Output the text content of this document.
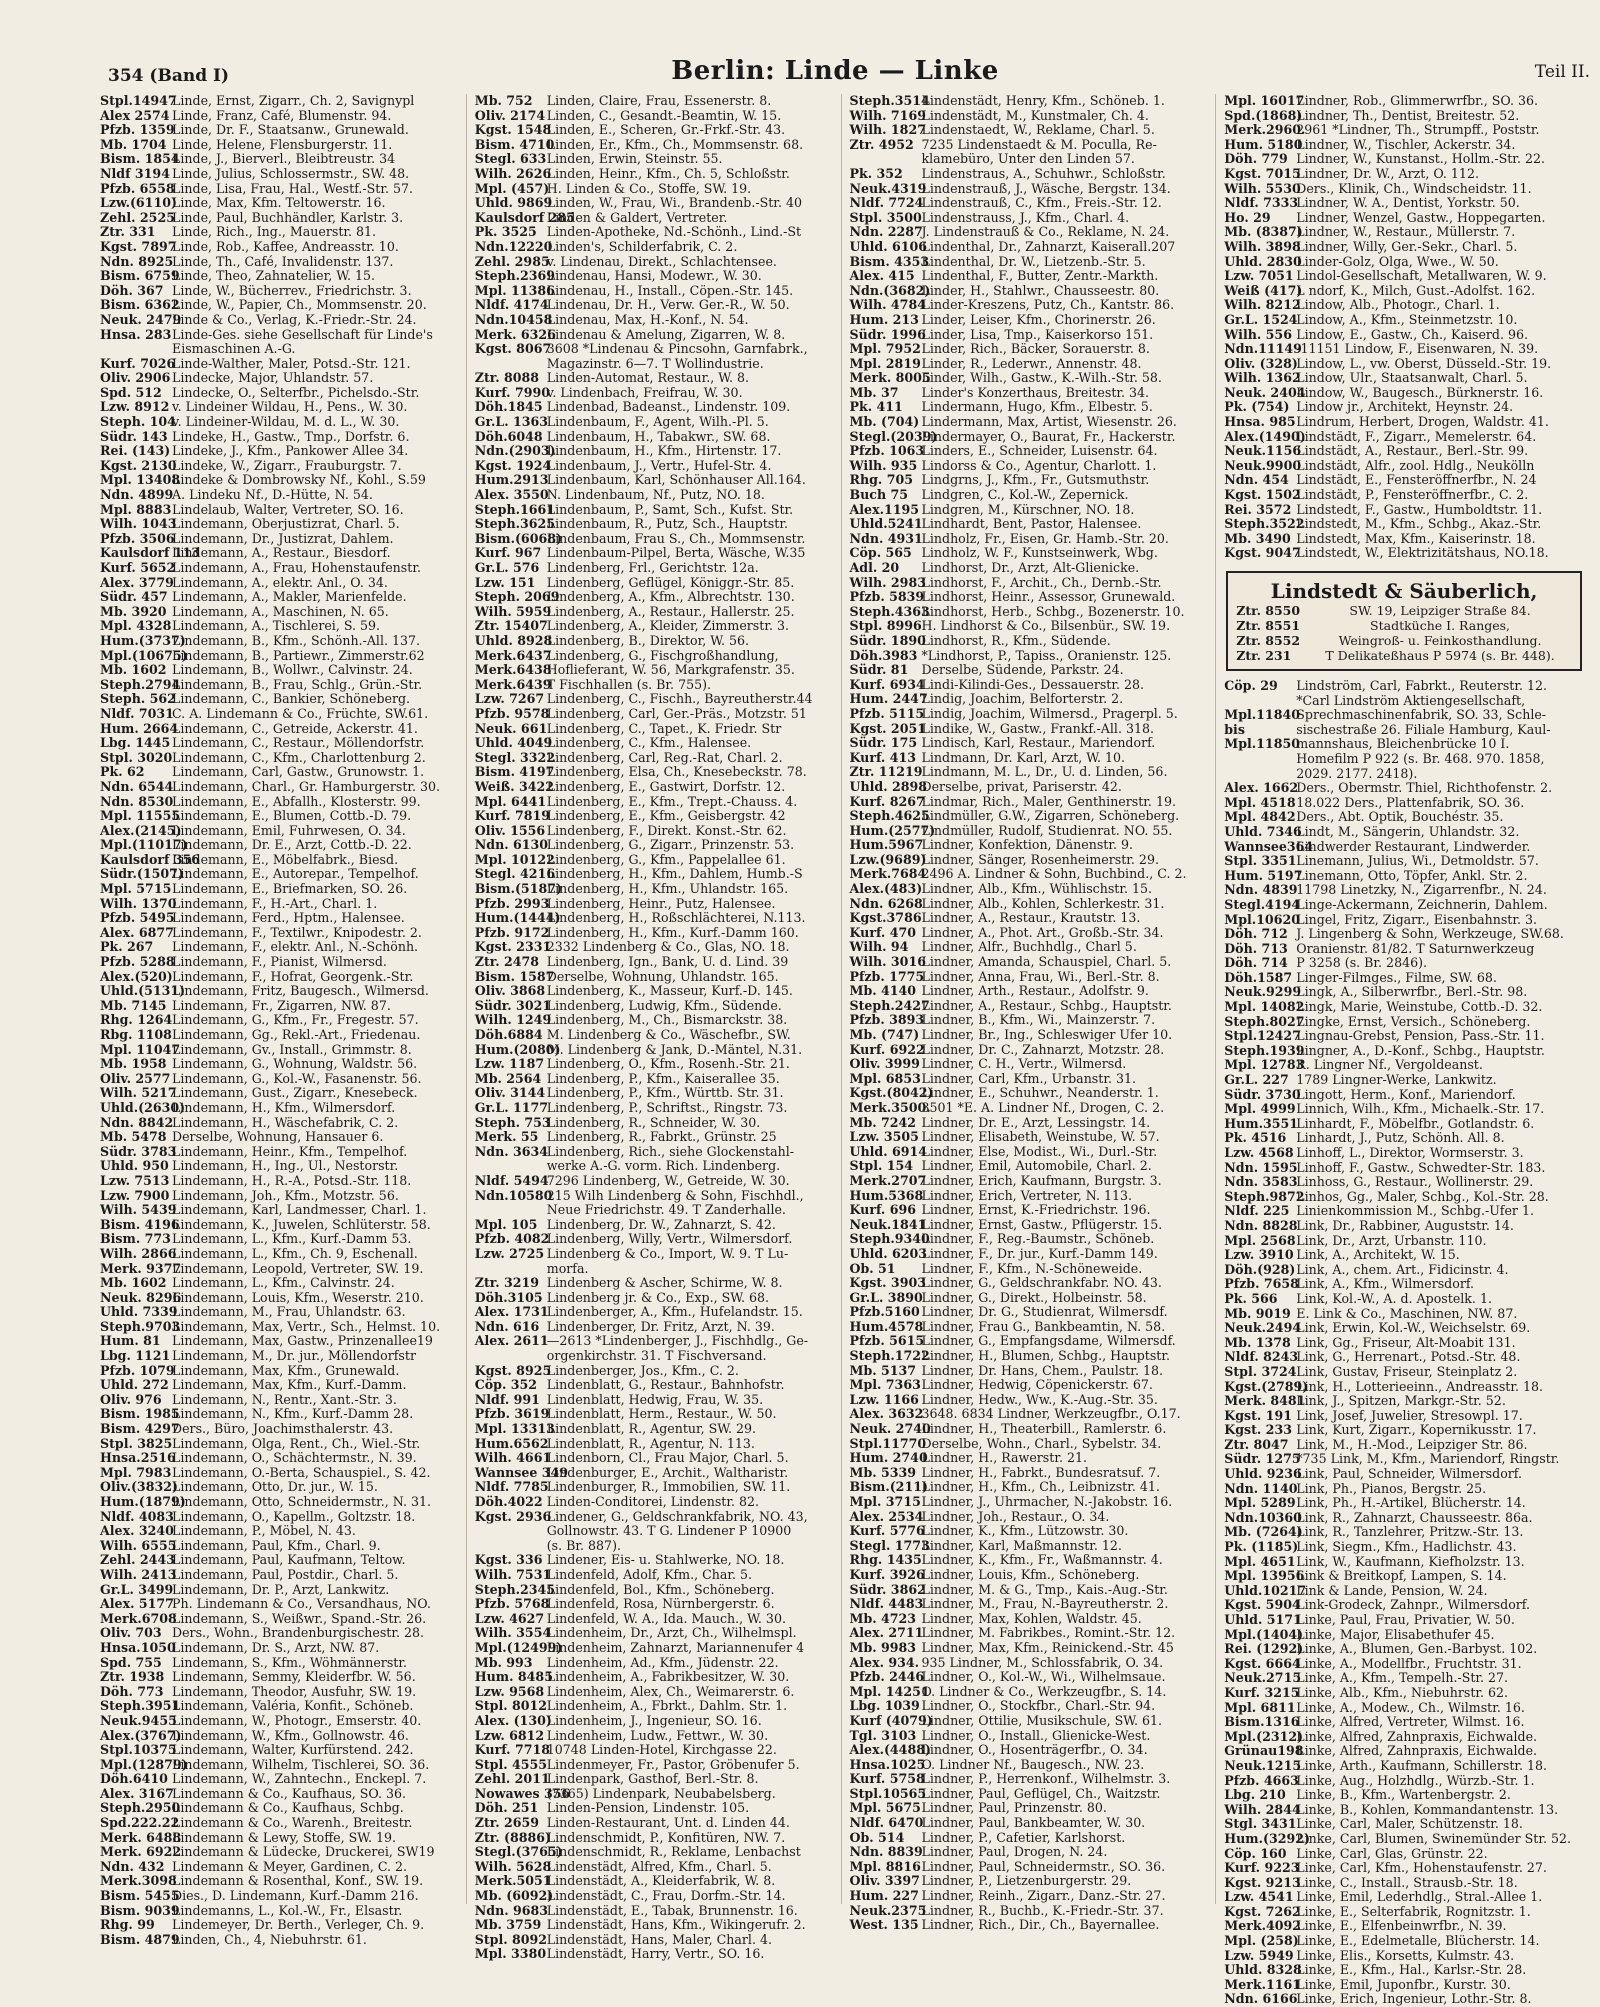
354 (Band I)	Berlin: Linde — Linke	Teil II.
Stpl.14947Linde, Ernst, Zigarr., Ch. 2, Savignypl
Alex 2574 Linde, Franz, Café, Blumenstr. 94.
Pfzb. 1359Linde, Dr. F., Staatsanw., Grunewald.
Mb. 1704 Linde, Helene, Flensburgerstr. 11.
Bism. 1854Linde, J., Bierverl., Bleibtreustr. 34
Nldf 3194 Linde, Julius, Schlossermstr., SW. 48.
Pfzb. 6558Linde, Lisa, Frau, Hal., Westf.-Str. 57.
Lzw.(6110)Linde, Max, Kfm. Teltowerstr. 16.
Zehl. 2525Linde, Paul, Buchhändler, Karlstr. 3.
Ztr. 331 Linde, Rich., Ing., Mauerstr. 81.
Kgst. 7897Linde, Rob., Kaffee, Andreasstr. 10.
Ndn. 8925Linde, Th., Café, Invalidenstr. 137.
Bism. 6759Linde, Theo, Zahnatelier, W. 15.
Döh. 367 Linde, W., Bücherrev., Friedrichstr. 3.
Bism. 6362Linde, W., Papier, Ch., Mommsenstr. 20.
Neuk. 2479Linde & Co., Verlag, K.-Friedr.-Str. 24.
Hnsa. 283Linde-Ges. siehe Gesellschaft für Linde's
Eismaschinen A.-G.
Kurf. 7026Linde-Walther, Maler, Potsd.-Str. 121.
Oliv. 2906 Lindecke, Major, Uhlandstr. 57.
Spd. 512 Lindecke, O., Selterfbr., Pichelsdo.-Str.
Lzw. 8912 v. Lindeiner Wildau, H., Pens., W. 30.
Steph. 104v. Lindeiner-Wildau, M. d. L., W. 30.
Südr. 143 Lindeke, H., Gastw., Tmp., Dorfstr. 6.
Rei. (143) Lindeke, J., Kfm., Pankower Allee 34.
Kgst. 2130Lindeke, W., Zigarr., Frauburgstr. 7.
Mpl. 13408Lindeke & Dombrowsky Nf., Kohl., S.59
Ndn. 4899A. Lindeku Nf., D.-Hütte, N. 54.
Mpl. 8883Lindelaub, Walter, Vertreter, SO. 16.
Wilh. 1043Lindemann, Oberjustizrat, Charl. 5.
Pfzb. 3506Lindemann, Dr., Justizrat, Dahlem.
Kaulsdorf 113Lindemann, A., Restaur., Biesdorf.
Kurf. 5652Lindemann, A., Frau, Hohenstaufenstr.
Alex. 3779Lindemann, A., elektr. Anl., O. 34.
Südr. 457 Lindemann, A., Makler, Marienfelde.
Mb. 3920 Lindemann, A., Maschinen, N. 65.
Mpl. 4328Lindemann, A., Tischlerei, S. 59.
Hum.(3737)Lindemann, B., Kfm., Schönh.-All. 137.
Mpl.(10675)Lindemann, B., Partiewr., Zimmerstr.62
Mb. 1602 Lindemann, B., Wollwr., Calvinstr. 24.
Steph.2794Lindemann, B., Frau, Schlg., Grün.-Str.
Steph. 562Lindemann, C., Bankier, Schöneberg.
Nldf. 7031C. A. Lindemann & Co., Früchte, SW.61.
Hum. 2664Lindemann, C., Getreide, Ackerstr. 41.
Lbg. 1445 Lindemann, C., Restaur., Möllendorfstr.
Stpl. 3020Lindemann, C., Kfm., Charlottenburg 2.
Pk. 62 Lindemann, Carl, Gastw., Grunowstr. 1.
Ndn. 6544Lindemann, Charl., Gr. Hamburgerstr. 30.
Ndn. 8530Lindemann, E., Abfallh., Klosterstr. 99.
Mpl. 11555Lindemann, E., Blumen, Cottb.-D. 79.
Alex.(2145)Lindemann, Emil, Fuhrwesen, O. 34.
Mpl.(11017)Lindemann, Dr. E., Arzt, Cottb.-D. 22.
Kaulsdorf 356Lindemann, E., Möbelfabrk., Biesd.
Südr.(1507)Lindemann, E., Autorepar., Tempelhof.
Mpl. 5715Lindemann, E., Briefmarken, SO. 26.
Wilh. 1370Lindemann, F., H.-Art., Charl. 1.
Pfzb. 5495Lindemann, Ferd., Hptm., Halensee.
Alex. 6877Lindemann, F., Textilwr., Knipodestr. 2.
Pk. 267 Lindemann, F., elektr. Anl., N.-Schönh.
Pfzb. 5288Lindemann, F., Pianist, Wilmersd.
Alex.(520)Lindemann, F., Hofrat, Georgenk.-Str.
Uhld.(5131)Lindemann, Fritz, Baugesch., Wilmersd.
Mb. 7145 Lindemann, Fr., Zigarren, NW. 87.
Rhg. 1264Lindemann, G., Kfm., Fr., Fregestr. 57.
Rbg. 1108Lindemann, Gg., Rekl.-Art., Friedenau.
Mpl. 11047Lindemann, Gv., Install., Grimmstr. 8.
Mb. 1958 Lindemann, G., Wohnung, Waldstr. 56.
Oliv. 2577 Lindemann, G., Kol.-W., Fasanenstr. 56.
Wilh. 5217Lindemann, Gust., Zigarr., Knesebeck.
Uhld.(2630)Lindemann, H., Kfm., Wilmersdorf.
Ndn. 8842Lindemann, H., Wäschefabrik, C. 2.
Mb. 5478 Derselbe, Wohnung, Hansauer 6.
Südr. 3783Lindemann, Heinr., Kfm., Tempelhof.
Uhld. 950 Lindemann, H., Ing., Ul., Nestorstr.
Lzw. 7513 Lindemann, H., R.-A., Potsd.-Str. 118.
Lzw. 7900 Lindemann, Joh., Kfm., Motzstr. 56.
Wilh. 5439Lindemann, Karl, Landmesser, Charl. 1.
Bism. 4196Lindemann, K., Juwelen, Schlüterstr. 58.
Bism. 773Lindemann, L., Kfm., Kurf.-Damm 53.
Wilh. 2866Lindemann, L., Kfm., Ch. 9, Eschenall.
Merk. 9377Lindemann, Leopold, Vertreter, SW. 19.
Mb. 1602 Lindemann, L., Kfm., Calvinstr. 24.
Neuk. 8296Lindemann, Louis, Kfm., Weserstr. 210.
Uhld. 7339Lindemann, M., Frau, Uhlandstr. 63.
Steph.9703Lindemann, Max, Vertr., Sch., Helmst. 10.
Hum. 81 Lindemann, Max, Gastw., Prinzenallee19
Lbg. 1121 Lindemann, M., Dr. jur., Möllendorfstr
Pfzb. 1079Lindemann, Max, Kfm., Grunewald.
Uhld. 272 Lindemann, Max, Kfm., Kurf.-Damm.
Oliv. 976 Lindemann, N., Rentr., Xant.-Str. 3.
Bism. 1985Lindemann, N., Kfm., Kurf.-Damm 28.
Bism. 4297Ders., Büro, Joachimsthalerstr. 43.
Stpl. 3825Lindemann, Olga, Rent., Ch., Wiel.-Str.
Hnsa.2516Lindemann, O., Schächtermstr., N. 39.
Mpl. 7983Lindemann, O.-Berta, Schauspiel., S. 42.
Oliv.(3832)Lindemann, Otto, Dr. jur., W. 15.
Hum.(1879)Lindemann, Otto, Schneidermstr., N. 31.
Nldf. 4083Lindemann, O., Kapellm., Goltzstr. 18.
Alex. 3240Lindemann, P., Möbel, N. 43.
Wilh. 6555Lindemann, Paul, Kfm., Charl. 9.
Zehl. 2443Lindemann, Paul, Kaufmann, Teltow.
Wilh. 2413Lindemann, Paul, Postdir., Charl. 5.
Gr.L. 3499Lindemann, Dr. P., Arzt, Lankwitz.
Alex. 5177Ph. Lindemann & Co., Versandhaus, NO.
Merk.6708Lindemann, S., Weißwr., Spand.-Str. 26.
Oliv. 703 Ders., Wohn., Brandenburgischestr. 28.
Hnsa.1050Lindemann, Dr. S., Arzt, NW. 87.
Spd. 755 Lindemann, S., Kfm., Wöhmännerstr.
Ztr. 1938 Lindemann, Semmy, Kleiderfbr. W. 56.
Döh. 773 Lindemann, Theodor, Ausfuhr, SW. 19.
Steph.3951Lindemann, Valéria, Konfit., Schöneb.
Neuk.9455Lindemann, W., Photogr., Emserstr. 40.
Alex.(3767)Lindemann, W., Kfm., Gollnowstr. 46.
Stpl.10375Lindemann, Walter, Kurfürstend. 242.
Mpl.(12879)Lindemann, Wilhelm, Tischlerei, SO. 36.
Döh.6410 Lindemann, W., Zahntechn., Enckepl. 7.
Alex. 3167Lindemann & Co., Kaufhaus, SO. 36.
Steph.2950Lindemann & Co., Kaufhaus, Schbg.
Spd.222.22Lindemann & Co., Warenh., Breitestr.
Merk. 6488Lindemann & Lewy, Stoffe, SW. 19.
Merk. 6922Lindemann & Lüdecke, Druckerei, SW19
Ndn. 432 Lindemann & Meyer, Gardinen, C. 2.
Merk.3098Lindemann & Rosenthal, Konf., SW. 19.
Bism. 5455Dies., D. Lindemann, Kurf.-Damm 216.
Bism. 9039Lindemanns, L., Kol.-W., Fr., Elsastr.
Rhg. 99 Lindemeyer, Dr. Berth., Verleger, Ch. 9.
Bism. 4879Linden, Ch., 4, Niebuhrstr. 61.
Mb. 752 Linden, Claire, Frau, Essenerstr. 8.
Oliv. 2174 Linden, C., Gesandt.-Beamtin, W. 15.
Kgst. 1548Linden, E., Scheren, Gr.-Frkf.-Str. 43.
Bism. 4710Linden, Er., Kfm., Ch., Mommsenstr. 68.
Stegl. 633Linden, Erwin, Steinstr. 55.
Wilh. 2626Linden, Heinr., Kfm., Ch. 5, Schloßstr.
Mpl. (457)H. Linden & Co., Stoffe, SW. 19.
Uhld. 9869Linden, W., Frau, Wi., Brandenb.-Str. 40
Kaulsdorf 285Linden & Galdert, Vertreter.
Pk. 3525 Linden-Apotheke, Nd.-Schönh., Lind.-St
Ndn.12220Linden's, Schilderfabrik, C. 2.
Zehl. 2985v. Lindenau, Direkt., Schlachtensee.
Steph.2369Lindenau, Hansi, Modewr., W. 30.
Mpl. 11386Lindenau, H., Install., Cöpen.-Str. 145.
Nldf. 4174Lindenau, Dr. H., Verw. Ger.-R., W. 50.
Ndn.10458Lindenau, Max, H.-Konf., N. 54.
Merk. 6326Lindenau & Amelung, Zigarren, W. 8.
Kgst. 80673608 *Lindenau & Pincsohn, Garnfabrk.,
Magazinstr. 6—7. T Wollindustrie.
Ztr. 8088 Linden-Automat, Restaur., W. 8.
Kurf. 7990v. Lindenbach, Freifrau, W. 30.
Döh.1845 Lindenbad, Badeanst., Lindenstr. 109.
Gr.L. 1363Lindenbaum, F., Agent, Wilh.-Pl. 5.
Döh.6048 Lindenbaum, H., Tabakwr., SW. 68.
Ndn.(2903)Lindenbaum, H., Kfm., Hirtenstr. 17.
Kgst. 1924Lindenbaum, J., Vertr., Hufel-Str. 4.
Hum.2913Lindenbaum, Karl, Schönhauser All.164.
Alex. 3550N. Lindenbaum, Nf., Putz, NO. 18.
Steph.1661Lindenbaum, P., Samt, Sch., Kufst. Str.
Steph.3625Lindenbaum, R., Putz, Sch., Hauptstr.
Bism.(6068)Lindenbaum, Frau S., Ch., Mommsenstr.
Kurf. 967 Lindenbaum-Pilpel, Berta, Wäsche, W.35
Gr.L. 576 Lindenberg, Frl., Gerichtstr. 12a.
Lzw. 151 Lindenberg, Geflügel, Königgr.-Str. 85.
Steph. 2069Lindenberg, A., Kfm., Albrechtstr. 130.
Wilh. 5959Lindenberg, A., Restaur., Hallerstr. 25.
Ztr. 15407Lindenberg, A., Kleider, Zimmerstr. 3.
Uhld. 8928Lindenberg, B., Direktor, W. 56.
Merk.6437Lindenberg, G., Fischgroßhandlung,
Merk.6438Hoflieferant, W. 56, Markgrafenstr. 35.
Merk.6439T Fischhallen (s. Br. 755).
Lzw. 7267 Lindenberg, C., Fischh., Bayreutherstr.44
Pfzb. 9578Lindenberg, Carl, Ger.-Präs., Motzstr. 51
Neuk. 661Lindenberg, C., Tapet., K. Friedr. Str
Uhld. 4049Lindenberg, C., Kfm., Halensee.
Stegl. 3322Lindenberg, Carl, Reg.-Rat, Charl. 2.
Bism. 4197Lindenberg, Elsa, Ch., Knesebeckstr. 78.
Weiß. 3422Lindenberg, E., Gastwirt, Dorfstr. 12.
Mpl. 6441Lindenberg, E., Kfm., Trept.-Chauss. 4.
Kurf. 7819Lindenberg, E., Kfm., Geisbergstr. 42
Oliv. 1556 Lindenberg, F., Direkt. Konst.-Str. 62.
Ndn. 6130Lindenberg, G., Zigarr., Prinzenstr. 53.
Mpl. 10122Lindenberg, G., Kfm., Pappelallee 61.
Stegl. 4216Lindenberg, H., Kfm., Dahlem, Humb.-S
Bism.(5187)Lindenberg, H., Kfm., Uhlandstr. 165.
Pfzb. 2993Lindenberg, Heinr., Putz, Halensee.
Hum.(1444)Lindenberg, H., Roßschlächterei, N.113.
Pfzb. 9172Lindenberg, H., Kfm., Kurf.-Damm 160.
Kgst. 23312332 Lindenberg & Co., Glas, NO. 18.
Ztr. 2478 Lindenberg, Ign., Bank, U. d. Lind. 39
Bism. 1587Derselbe, Wohnung, Uhlandstr. 165.
Oliv. 3868 Lindenberg, K., Masseur, Kurf.-D. 145.
Südr. 3021Lindenberg, Ludwig, Kfm., Südende.
Wilh. 1249Lindenberg, M., Ch., Bismarckstr. 38.
Döh.6884 M. Lindenberg & Co., Wäschefbr., SW.
Hum.(2080)M. Lindenberg & Jank, D.-Mäntel, N.31.
Lzw. 1187 Lindenberg, O., Kfm., Rosenh.-Str. 21.
Mb. 2564 Lindenberg, P., Kfm., Kaiserallee 35.
Oliv. 3144 Lindenberg, P., Kfm., Württb. Str. 31.
Gr.L. 1177Lindenberg, P., Schriftst., Ringstr. 73.
Steph. 753Lindenberg, R., Schneider, W. 30.
Merk. 55 Lindenberg, R., Fabrkt., Grünstr. 25
Ndn. 3634Lindenberg, Rich., siehe Glockenstahl-
werke A.-G. vorm. Rich. Lindenberg.
Nldf. 54947296 Lindenberg, W., Getreide, W. 30.
Ndn.10580215 Wilh Lindenberg & Sohn, Fischhdl.,
Neue Friedrichstr. 49. T Zanderhalle.
Mpl. 105 Lindenberg, Dr. W., Zahnarzt, S. 42.
Pfzb. 4082Lindenberg, Willy, Vertr., Wilmersdorf.
Lzw. 2725 Lindenberg & Co., Import, W. 9. T Lu-
morfa.
Ztr. 3219 Lindenberg & Ascher, Schirme, W. 8.
Döh.3105 Lindenberg jr. & Co., Exp., SW. 68.
Alex. 1731Lindenberger, A., Kfm., Hufelandstr. 15.
Ndn. 616 Lindenberger, Dr. Fritz, Arzt, N. 39.
Alex. 2611—2613 *Lindenberger, J., Fischhdlg., Ge-
orgenkirchstr. 31. T Fischversand.
Kgst. 8925Lindenberger, Jos., Kfm., C. 2.
Cöp. 352 Lindenblatt, G., Restaur., Bahnhofstr.
Nldf. 991 Lindenblatt, Hedwig, Frau, W. 35.
Pfzb. 3619Lindenblatt, Herm., Restaur., W. 50.
Mpl. 13313Lindenblatt, R., Agentur, SW. 29.
Hum.6562Lindenblatt, R., Agentur, N. 113.
Wilh. 4661Lindenborn, Cl., Frau Major, Charl. 5.
Wannsee 349Lindenburger, E., Archit., Waltharistr.
Nldf. 7785Lindenburger, R., Immobilien, SW. 11.
Döh.4022 Linden-Conditorei, Lindenstr. 82.
Kgst. 2936Lindener, G., Geldschrankfabrik, NO. 43,
Gollnowstr. 43. T G. Lindener P 10900
(s. Br. 887).
Kgst. 336 Lindener, Eis- u. Stahlwerke, NO. 18.
Wilh. 7531Lindenfeld, Adolf, Kfm., Char. 5.
Steph.2345Lindenfeld, Bol., Kfm., Schöneberg.
Pfzb. 5768Lindenfeld, Rosa, Nürnbergerstr. 6.
Lzw. 4627 Lindenfeld, W. A., Ida. Mauch., W. 30.
Wilh. 3554Lindenheim, Dr., Arzt, Ch., Wilhelmspl.
Mpl.(12499)Lindenheim, Zahnarzt, Mariannenufer 4
Mb. 993 Lindenheim, Ad., Kfm., Jüdenstr. 22.
Hum. 8485Lindenheim, A., Fabrikbesitzer, W. 30.
Lzw. 9568 Lindenheim, Alex, Ch., Weimarerstr. 6.
Stpl. 8012Lindenheim, A., Fbrkt., Dahlm. Str. 1.
Alex. (130)Lindenheim, J., Ingenieur, SO. 16.
Lzw. 6812 Lindenheim, Ludw., Fettwr., W. 30.
Kurf. 771810748 Linden-Hotel, Kirchgasse 22.
Stpl. 4555Lindenmeyer, Fr., Pastor, Gröbenufer 5.
Zehl. 2011Lindenpark, Gasthof, Berl.-Str. 8.
Nowawes 356(7365) Lindenpark, Neubabelsberg.
Döh. 251 Linden-Pension, Lindenstr. 105.
Ztr. 2659 Linden-Restaurant, Unt. d. Linden 44.
Ztr. (8886)Lindenschmidt, P., Konfitüren, NW. 7.
Stegl.(3765)Lindenschmidt, R., Reklame, Lenbachst
Wilh. 5628Lindenstädt, Alfred, Kfm., Charl. 5.
Merk.5051Lindenstädt, A., Kleiderfabrik, W. 8.
Mb. (6092)Lindenstädt, C., Frau, Dorfm.-Str. 14.
Ndn. 9683Lindenstädt, E., Tabak, Brunnenstr. 16.
Mb. 3759 Lindenstädt, Hans, Kfm., Wikingerufr. 2.
Stpl. 8092Lindenstädt, Hans, Maler, Charl. 4.
Mpl. 3380Lindenstädt, Harry, Vertr., SO. 16.
Steph.3514Lindenstädt, Henry, Kfm., Schöneb. 1.
Wilh. 7169Lindenstädt, M., Kunstmaler, Ch. 4.
Wilh. 1827Lindenstaedt, W., Reklame, Charl. 5.
Ztr. 4952 7235 Lindenstaedt & M. Poculla, Re-
klamebüro, Unter den Linden 57.
Pk. 352 Lindenstraus, A., Schuhwr., Schloßstr.
Neuk.4319Lindenstrauß, J., Wäsche, Bergstr. 134.
Nldf. 7724Lindenstrauß, C., Kfm., Freis.-Str. 12.
Stpl. 3500Lindenstrauss, J., Kfm., Charl. 4.
Ndn. 2287J. Lindenstrauß & Co., Reklame, N. 24.
Uhld. 6106Lindenthal, Dr., Zahnarzt, Kaiserall.207
Bism. 4353Lindenthal, Dr. W., Lietzenb.-Str. 5.
Alex. 415 Lindenthal, F., Butter, Zentr.-Markth.
Ndn.(3682)Linder, H., Stahlwr., Chausseestr. 80.
Wilh. 4784Linder-Kreszens, Putz, Ch., Kantstr. 86.
Hum. 213 Linder, Leiser, Kfm., Chorinerstr. 26.
Südr. 1996Linder, Lisa, Tmp., Kaiserkorso 151.
Mpl. 7952Linder, Rich., Bäcker, Sorauerstr. 8.
Mpl. 2819Linder, R., Lederwr., Annenstr. 48.
Merk. 8005Linder, Wilh., Gastw., K.-Wilh.-Str. 58.
Mb. 37 Linder's Konzerthaus, Breitestr. 34.
Pk. 411 Lindermann, Hugo, Kfm., Elbestr. 5.
Mb. (704) Lindermann, Max, Artist, Wiesenstr. 26.
Stegl.(2039)Lindermayer, O., Baurat, Fr., Hackerstr.
Pfzb. 1063Linders, E., Schneider, Luisenstr. 64.
Wilh. 935 Lindorss & Co., Agentur, Charlott. 1.
Rhg. 705 Lindgrns, J., Kfm., Fr., Gutsmuthstr.
Buch 75 Lindgren, C., Kol.-W., Zepernick.
Alex.1195 Lindgren, M., Kürschner, NO. 18.
Uhld.5241Lindhardt, Bent, Pastor, Halensee.
Ndn. 4931Lindholz, Fr., Eisen, Gr. Hamb.-Str. 20.
Cöp. 565 Lindholz, W. F., Kunstseinwerk, Wbg.
Adl. 20 Lindhorst, Dr., Arzt, Alt-Glienicke.
Wilh. 2983Lindhorst, F., Archit., Ch., Dernb.-Str.
Pfzb. 5839Lindhorst, Heinr., Assessor, Grunewald.
Steph.4363Lindhorst, Herb., Schbg., Bozenerstr. 10.
Stpl. 8996H. Lindhorst & Co., Bilsenbür., SW. 19.
Südr. 1890Lindhorst, R., Kfm., Südende.
Döh.3983 *Lindhorst, P., Tapiss., Oranienstr. 125.
Südr. 81 Derselbe, Südende, Parkstr. 24.
Kurf. 6934Lindi-Kilindi-Ges., Dessauerstr. 28.
Hum. 2447Lindig, Joachim, Belforterstr. 2.
Pfzb. 5115Lindig, Joachim, Wilmersd., Pragerpl. 5.
Kgst. 2051Lindike, W., Gastw., Frankf.-All. 318.
Südr. 175 Lindisch, Karl, Restaur., Mariendorf.
Kurf. 413 Lindmann, Dr. Karl, Arzt, W. 10.
Ztr. 11219Lindmann, M. L., Dr., U. d. Linden, 56.
Uhld. 2898Derselbe, privat, Pariserstr. 42.
Kurf. 8267Lindmar, Rich., Maler, Genthinerstr. 19.
Steph.4625Lindmüller, G.W., Zigarren, Schöneberg.
Hum.(2577)Lindmüller, Rudolf, Studienrat. NO. 55.
Hum.5967Lindner, Konfektion, Dänenstr. 9.
Lzw.(9689)Lindner, Sänger, Rosenheimerstr. 29.
Merk.76842496 A. Lindner & Sohn, Buchbind., C. 2.
Alex.(483)Lindner, Alb., Kfm., Wühlischstr. 15.
Ndn. 6268Lindner, Alb., Kohlen, Schlerkestr. 31.
Kgst.3786Lindner, A., Restaur., Krautstr. 13.
Kurf. 470 Lindner, A., Phot. Art., Großb.-Str. 34.
Wilh. 94 Lindner, Alfr., Buchhdlg., Charl 5.
Wilh. 3016Lindner, Amanda, Schauspiel, Charl. 5.
Pfzb. 1775Lindner, Anna, Frau, Wi., Berl.-Str. 8.
Mb. 4140 Lindner, Arth., Restaur., Adolfstr. 9.
Steph.2427Lindner, A., Restaur., Schbg., Hauptstr.
Pfzb. 3893Lindner, B., Kfm., Wi., Mainzerstr. 7.
Mb. (747) Lindner, Br., Ing., Schleswiger Ufer 10.
Kurf. 6922Lindner, Dr. C., Zahnarzt, Motzstr. 28.
Oliv. 3999 Lindner, C. H., Vertr., Wilmersd.
Mpl. 6853Lindner, Carl, Kfm., Urbanstr. 31.
Kgst.(8042)Lindner, E., Schuhwr., Neanderstr. 1.
Merk.3500.3501 *E. A. Lindner Nf., Drogen, C. 2.
Mb. 7242 Lindner, Dr. E., Arzt, Lessingstr. 14.
Lzw. 3505 Lindner, Elisabeth, Weinstube, W. 57.
Uhld. 6914Lindner, Else, Modist., Wi., Durl.-Str.
Stpl. 154 Lindner, Emil, Automobile, Charl. 2.
Merk.2707Lindner, Erich, Kaufmann, Burgstr. 3.
Hum.5368Lindner, Erich, Vertreter, N. 113.
Kurf. 696 Lindner, Ernst, K.-Friedrichstr. 196.
Neuk.1841Lindner, Ernst, Gastw., Pflügerstr. 15.
Steph.9340Lindner, F., Reg.-Baumstr., Schöneb.
Uhld. 6203Lindner, F., Dr. jur., Kurf.-Damm 149.
Ob. 51 Lindner, F., Kfm., N.-Schöneweide.
Kgst. 3903Lindner, G., Geldschrankfabr. NO. 43.
Gr.L. 3890Lindner, G., Direkt., Holbeinstr. 58.
Pfzb.5160 Lindner, Dr. G., Studienrat, Wilmersdf.
Hum.4578Lindner, Frau G., Bankbeamtin, N. 58.
Pfzb. 5615Lindner, G., Empfangsdame, Wilmersdf.
Steph.1722Lindner, H., Blumen, Schbg., Hauptstr.
Mb. 5137 Lindner, Dr. Hans, Chem., Paulstr. 18.
Mpl. 7363Lindner, Hedwig, Cöpenickerstr. 67.
Lzw. 1166 Lindner, Hedw., Ww., K.-Aug.-Str. 35.
Alex. 36323648. 6834 Lindner, Werkzeugfbr., O.17.
Neuk. 2740Lindner, H., Theaterbill., Ramlerstr. 6.
Stpl.11770Derselbe, Wohn., Charl., Sybelstr. 34.
Hum. 2740Lindner, H., Rawerstr. 21.
Mb. 5339 Lindner, H., Fabrkt., Bundesratsuf. 7.
Bism.(211)Lindner, H., Kfm., Ch., Leibnizstr. 41.
Mpl. 3715Lindner, J., Uhrmacher, N.-Jakobstr. 16.
Alex. 2534Lindner, Joh., Restaur., O. 34.
Kurf. 5776Lindner, K., Kfm., Lützowstr. 30.
Stegl. 1773Lindner, Karl, Maßmannstr. 12.
Rhg. 1435Lindner, K., Kfm., Fr., Waßmannstr. 4.
Kurf. 3926Lindner, Louis, Kfm., Schöneberg.
Südr. 3862Lindner, M. & G., Tmp., Kais.-Aug.-Str.
Nldf. 4483Lindner, M., Frau, N.-Bayreutherstr. 2.
Mb. 4723 Lindner, Max, Kohlen, Waldstr. 45.
Alex. 2711Lindner, M. Fabrikbes., Romint.-Str. 12.
Mb. 9983 Lindner, Max, Kfm., Reinickend.-Str. 45
Alex. 934. 935 Lindner, M., Schlossfabrik, O. 34.
Pfzb. 2446Lindner, O., Kol.-W., Wi., Wilhelmsaue.
Mpl. 14251O. Lindner & Co., Werkzeugfbr., S. 14.
Lbg. 1039 Lindner, O., Stockfbr., Charl.-Str. 94.
Kurf (4079)Lindner, Ottilie, Musikschule, SW. 61.
Tgl. 3103 Lindner, O., Install., Glienicke-West.
Alex.(4488)Lindner, O., Hosenträgerfbr., O. 34.
Hnsa.1025O. Lindner Nf., Baugesch., NW. 23.
Kurf. 5758Lindner, P., Herrenkonf., Wilhelmstr. 3.
Stpl.10565Lindner, Paul, Geflügel, Ch., Waitzstr.
Mpl. 5675Lindner, Paul, Prinzenstr. 80.
Nldf. 6470Lindner, Paul, Bankbeamter, W. 30.
Ob. 514 Lindner, P., Cafetier, Karlshorst.
Ndn. 8839Lindner, Paul, Drogen, N. 24.
Mpl. 8816Lindner, Paul, Schneidermstr., SO. 36.
Oliv. 3397 Lindner, P., Lietzenburgerstr. 29.
Hum. 227 Lindner, Reinh., Zigarr., Danz.-Str. 27.
Neuk.2375Lindner, R., Buchb., K.-Friedr.-Str. 37.
West. 135 Lindner, Rich., Dir., Ch., Bayernallee.
Mpl. 16017Lindner, Rob., Glimmerwrfbr., SO. 36.
Spd.(1868)Lindner, Th., Dentist, Breitestr. 52.
Merk.2960.2961 *Lindner, Th., Strumpff., Poststr.
Hum. 5180Lindner, W., Tischler, Ackerstr. 34.
Döh. 779 Lindner, W., Kunstanst., Hollm.-Str. 22.
Kgst. 7015Lindner, Dr. W., Arzt, O. 112.
Wilh. 5530Ders., Klinik, Ch., Windscheidstr. 11.
Nldf. 7333Lindner, W. A., Dentist, Yorkstr. 50.
Ho. 29 Lindner, Wenzel, Gastw., Hoppegarten.
Mb. (8387)Lindner, W., Restaur., Müllerstr. 7.
Wilh. 3898Lindner, Willy, Ger.-Sekr., Charl. 5.
Uhld. 2830Linder-Golz, Olga, Wwe., W. 50.
Lzw. 7051 Lindol-Gesellschaft, Metallwaren, W. 9.
Weiß (417)L ndorf, K., Milch, Gust.-Adolfst. 162.
Wilh. 8212Lindow, Alb., Photogr., Charl. 1.
Gr.L. 1524Lindow, A., Kfm., Steinmetzstr. 10.
Wilh. 556 Lindow, E., Gastw., Ch., Kaiserd. 96.
Ndn.11149-11151 Lindow, F., Eisenwaren, N. 39.
Oliv. (328)Lindow, L., vw. Oberst, Düsseld.-Str. 19.
Wilh. 1362Lindow, Ulr., Staatsanwalt, Charl. 5.
Neuk. 2404Lindow, W., Baugesch., Bürknerstr. 16.
Pk. (754) Lindow jr., Architekt, Heynstr. 24.
Hnsa. 985Lindrum, Herbert, Drogen, Waldstr. 41.
Alex.(1490)Lindstädt, F., Zigarr., Memelerstr. 64.
Neuk.1156Lindstädt, A., Restaur., Berl.-Str. 99.
Neuk.9900Lindstädt, Alfr., zool. Hdlg., Neukölln
Ndn. 454 Lindstädt, E., Fensteröffnerfbr., N. 24
Kgst. 1502Lindstädt, P., Fensteröffnerfbr., C. 2.
Rei. 3572 Lindstedt, F., Gastw., Humboldtstr. 11.
Steph.3522Lindstedt, M., Kfm., Schbg., Akaz.-Str.
Mb. 3490 Lindstedt, Max, Kfm., Kaiserinstr. 18.
Kgst. 9047Lindstedt, W., Elektrizitätshaus, NO.18.
Lindstedt & Säuberlich,
Ztr. 8550
Ztr. 8551
Ztr. 8552
Ztr. 231
SW. 19, Leipziger Straße 84.
Stadtküche I. Ranges,
Weingroß- u. Feinkosthandlung.
T Delikateßhaus P 5974 (s. Br. 448).
Cöp. 29 Lindström, Carl, Fabrkt., Reuterstr. 12.
*Carl Lindström Aktiengesellschaft,
Mpl.11840Sprechmaschinenfabrik, SO. 33, Schle-
bis	sischestraße 26. Filiale Hamburg, Kaul-
Mpl.11850mannshaus, Bleichenbrücke 10 I.
Homefilm P 922 (s. Br. 468. 970. 1858,
2029. 2177. 2418).
Alex. 1662Ders., Obermstr. Thiel, Richthofenstr. 2.
Mpl. 451818.022 Ders., Plattenfabrik, SO. 36.
Mpl. 4842Ders., Abt. Optik, Bouchéstr. 35.
Uhld. 7346Lindt, M., Sängerin, Uhlandstr. 32.
Wannsee364Lindwerder Restaurant, Lindwerder.
Stpl. 3351Linemann, Julius, Wi., Detmoldstr. 57.
Hum. 5197Linemann, Otto, Töpfer, Ankl. Str. 2.
Ndn. 483911798 Linetzky, N., Zigarrenfbr., N. 24.
Stegl.4194Linge-Ackermann, Zeichnerin, Dahlem.
Mpl.10620Lingel, Fritz, Zigarr., Eisenbahnstr. 3.
Döh. 712 J. Lingenberg & Sohn, Werkzeuge, SW.68.
Döh. 713 Oranienstr. 81/82. T Saturnwerkzeug
Döh. 714 P 3258 (s. Br. 2846).
Döh.1587 Linger-Filmges., Filme, SW. 68.
Neuk.9299Lingk, A., Silberwrfbr., Berl.-Str. 98.
Mpl. 14082Lingk, Marie, Weinstube, Cottb.-D. 32.
Steph.8027Lingke, Ernst, Versich., Schöneberg.
Stpl.12427Lingnau-Grebst, Pension, Pass.-Str. 11.
Steph.1939Lingner, A., D.-Konf., Schbg., Hauptstr.
Mpl. 12783R. Lingner Nf., Vergoldeanst.
Gr.L. 227 1789 Lingner-Werke, Lankwitz.
Südr. 3730Lingott, Herm., Konf., Mariendorf.
Mpl. 4999Linnich, Wilh., Kfm., Michaelk.-Str. 17.
Hum.3551Linhardt, F., Möbelfbr., Gotlandstr. 6.
Pk. 4516 Linhardt, J., Putz, Schönh. All. 8.
Lzw. 4568 Linhoff, L., Direktor, Wormserstr. 3.
Ndn. 1595Linhoff, F., Gastw., Schwedter-Str. 183.
Ndn. 3583Linhoss, G., Restaur., Wollinerstr. 29.
Steph.9872Linhos, Gg., Maler, Schbg., Kol.-Str. 28.
Nldf. 225 Linienkommission M., Schbg.-Ufer 1.
Ndn. 8828Link, Dr., Rabbiner, Auguststr. 14.
Mpl. 2568Link, Dr., Arzt, Urbanstr. 110.
Lzw. 3910 Link, A., Architekt, W. 15.
Döh.(928)Link, A., chem. Art., Fidicinstr. 4.
Pfzb. 7658Link, A., Kfm., Wilmersdorf.
Pk. 566 Link, Kol.-W., A. d. Apostelk. 1.
Mb. 9019 E. Link & Co., Maschinen, NW. 87.
Neuk.2494Link, Erwin, Kol.-W., Weichselstr. 69.
Mb. 1378 Link, Gg., Friseur, Alt-Moabit 131.
Nldf. 8243Link, G., Herrenart., Potsd.-Str. 48.
Stpl. 3724Link, Gustav, Friseur, Steinplatz 2.
Kgst.(2789)Link, H., Lotterieeinn., Andreasstr. 18.
Merk. 8481Link, J., Spitzen, Markgr.-Str. 52.
Kgst. 191 Link, Josef, Juwelier, Stresowpl. 17.
Kgst. 233 Link, Kurt, Zigarr., Kopernikusstr. 17.
Ztr. 8047 Link, M., H.-Mod., Leipziger Str. 86.
Südr. 1275*735 Link, M., Kfm., Mariendorf, Ringstr.
Uhld. 9236Link, Paul, Schneider, Wilmersdorf.
Ndn. 1140Link, Ph., Pianos, Bergstr. 25.
Mpl. 5289Link, Ph., H.-Artikel, Blücherstr. 14.
Ndn.10360Link, R., Zahnarzt, Chausseestr. 86a.
Mb. (7264)Link, R., Tanzlehrer, Pritzw.-Str. 13.
Pk. (1185)Link, Siegm., Kfm., Hadlichstr. 43.
Mpl. 4651Link, W., Kaufmann, Kiefholzstr. 13.
Mpl. 13956Link & Breitkopf, Lampen, S. 14.
Uhld.10217Link & Lande, Pension, W. 24.
Kgst. 5904Link-Grodeck, Zahnpr., Wilmersdorf.
Uhld. 5171Linke, Paul, Frau, Privatier, W. 50.
Mpl.(1404)Linke, Major, Elisabethufer 45.
Rei. (1292)Linke, A., Blumen, Gen.-Barbyst. 102.
Kgst. 6664Linke, A., Modellfbr., Fruchtstr. 31.
Neuk.2715Linke, A., Kfm., Tempelh.-Str. 27.
Kurf. 3215Linke, Alb., Kfm., Niebuhrstr. 62.
Mpl. 6811Linke, A., Modew., Ch., Wilmstr. 16.
Bism.1316Linke, Alfred, Vertreter, Wilmst. 16.
Mpl.(2312)Linke, Alfred, Zahnpraxis, Eichwalde.
Grünau198Linke, Alfred, Zahnpraxis, Eichwalde.
Neuk.1215Linke, Arth., Kaufmann, Schillerstr. 18.
Pfzb. 4663Linke, Aug., Holzhdlg., Würzb.-Str. 1.
Lbg. 210 Linke, B., Kfm., Wartenbergstr. 2.
Wilh. 2844Linke, B., Kohlen, Kommandantenstr. 13.
Stgl. 3431Linke, Carl, Maler, Schützenstr. 18.
Hum.(3292)Linke, Carl, Blumen, Swinemünder Str. 52.
Cöp. 160 Linke, Carl, Glas, Grünstr. 22.
Kurf. 9223Linke, Carl, Kfm., Hohenstaufenstr. 27.
Kgst. 9213Linke, C., Install., Strausb.-Str. 18.
Lzw. 4541 Linke, Emil, Lederhdlg., Stral.-Allee 1.
Kgst. 7262Linke, E., Selterfabrik, Rognitzstr. 1.
Merk.4092Linke, E., Elfenbeinwrfbr., N. 39.
Mpl. (258)Linke, E., Edelmetalle, Blücherstr. 14.
Lzw. 5949 Linke, Elis., Korsetts, Kulmstr. 43.
Uhld. 8328Linke, E., Kfm., Hal., Karlsr.-Str. 28.
Merk.1161Linke, Emil, Juponfbr., Kurstr. 30.
Ndn. 6166Linke, Erich, Ingenieur, Lothr.-Str. 8.
